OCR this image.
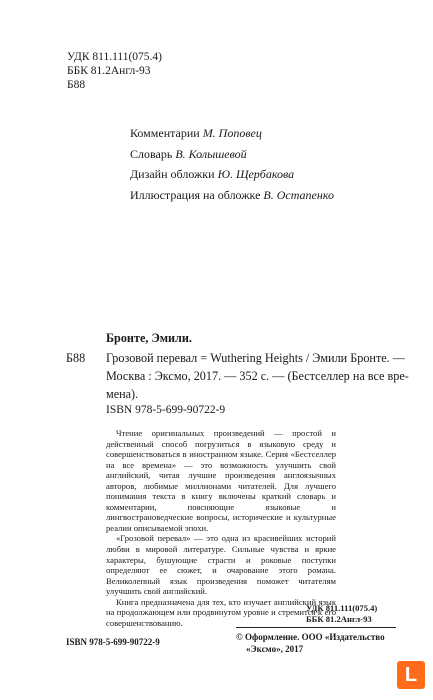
УДК 811.111(075.4)
ББК 81.2Англ-93
Б88
Комментарии М. Поповец
Словарь В. Колышевой
Дизайн обложки Ю. Щербакова
Иллюстрация на обложке В. Остапенко
Бронте, Эмили.
Б88 Грозовой перевал = Wuthering Heights / Эмили Бронте. —
Москва : Эксмо, 2017. — 352 с. — (Бестселлер на все вре-
мена).
ISBN 978-5-699-90722-9

Чтение оригинальных произведений — простой и действенный способ погрузиться в языковую среду и совершенствоваться в иностранном языке. Серия «Бестселлер на все времена» — это возможность улучшить свой английский, читая лучшие произведения англоязычных авторов, любимые миллионами читателей. Для лучшего понимания текста в книгу включены краткий словарь и комментарии, поясняющие языковые и лингвострановедческие вопросы, исторические и культурные реалии описываемой эпохи.

«Грозовой перевал» — это одна из красивейших историй любви в мировой литературе. Сильные чувства и яркие характеры, бушующие страсти и роковые поступки определяют ее сюжет, и очарование этого романа. Великолепный язык произведения поможет читателям улучшить свой английский.

Книга предназначена для тех, кто изучает английский язык на продолжающем или продвинутом уровне и стремится к его совершенствованию.

УДК 811.111(075.4)
ББК 81.2Англ-93
ISBN 978-5-699-90722-9	© Оформление. ООО «Издательство
«Эксмо», 2017
L
